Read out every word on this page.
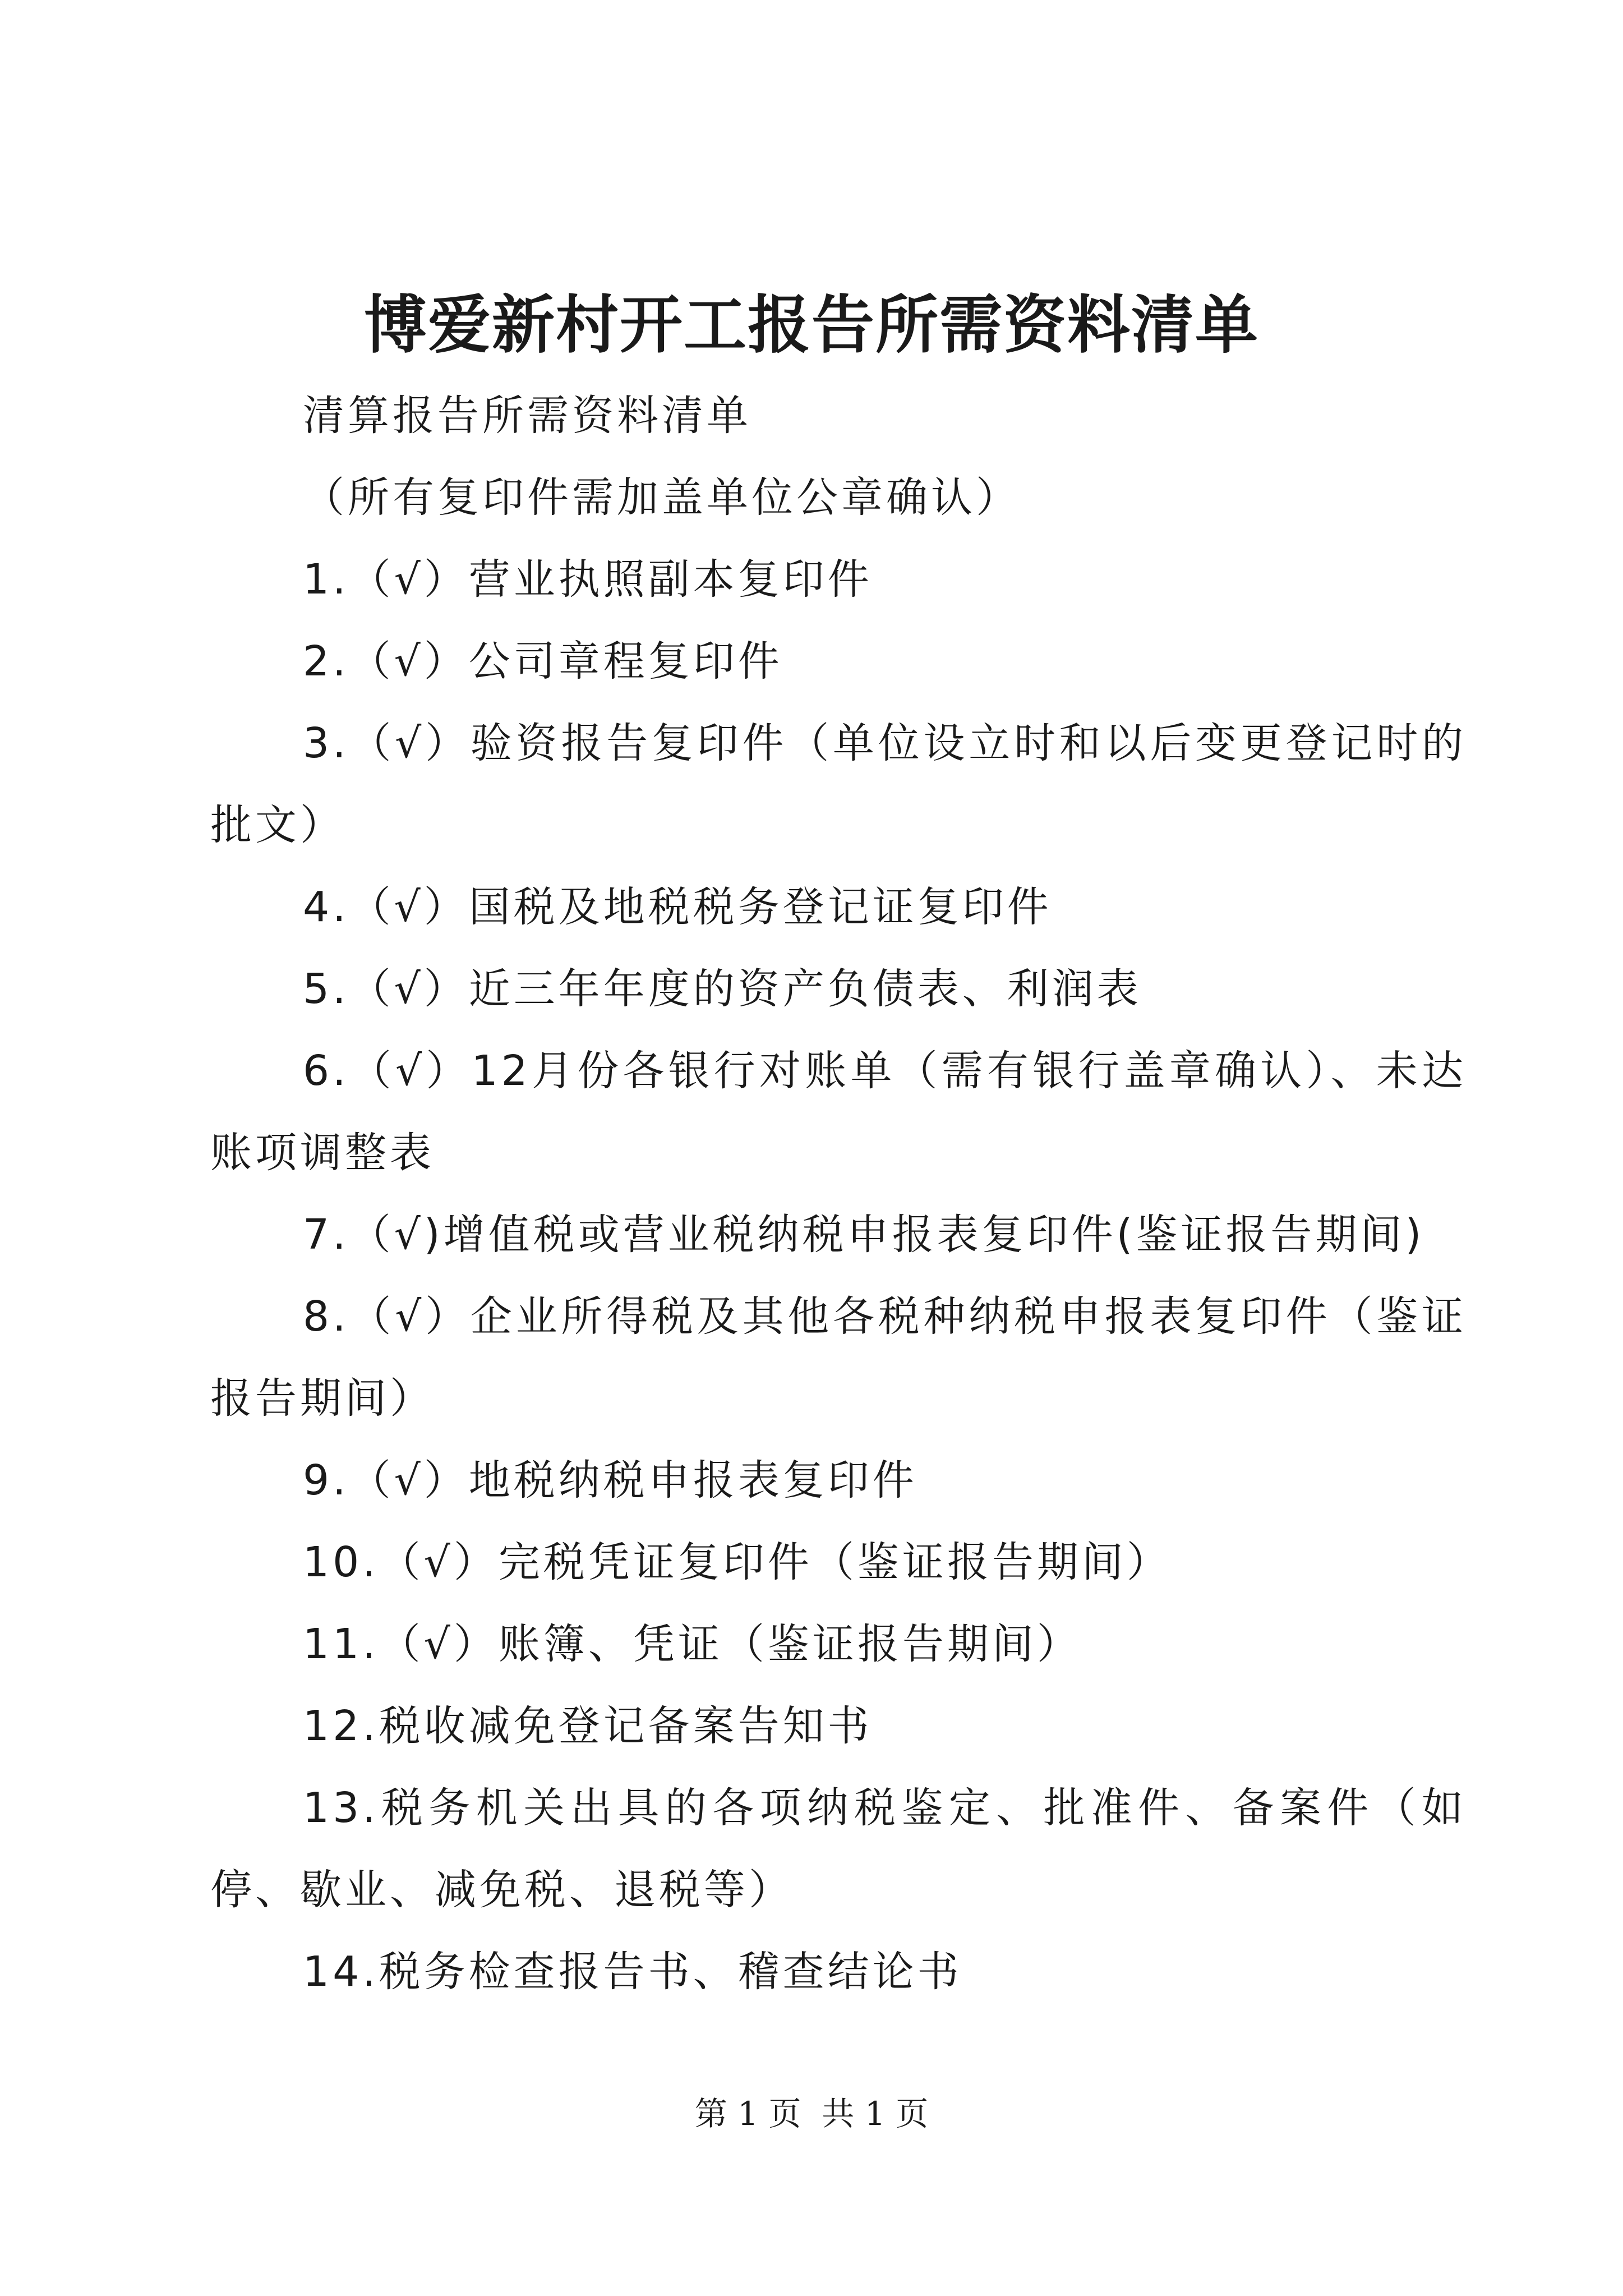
博爱新村开工报告所需资料清单

清算报告所需资料清单

（所有复印件需加盖单位公章确认）

1.（√）营业执照副本复印件

2.（√）公司章程复印件

3.（√）验资报告复印件（单位设立时和以后变更登记时的批文）

4.（√）国税及地税税务登记证复印件

5.（√）近三年年度的资产负债表、利润表

6.（√）12月份各银行对账单（需有银行盖章确认）、未达账项调整表

7.（√)增值税或营业税纳税申报表复印件(鉴证报告期间)

8.（√）企业所得税及其他各税种纳税申报表复印件（鉴证报告期间）

9.（√）地税纳税申报表复印件

10.（√）完税凭证复印件（鉴证报告期间）

11.（√）账簿、凭证（鉴证报告期间）

12.税收减免登记备案告知书

13.税务机关出具的各项纳税鉴定、批准件、备案件（如停、歇业、减免税、退税等）

14.税务检查报告书、稽查结论书

第 1 页  共 1 页
